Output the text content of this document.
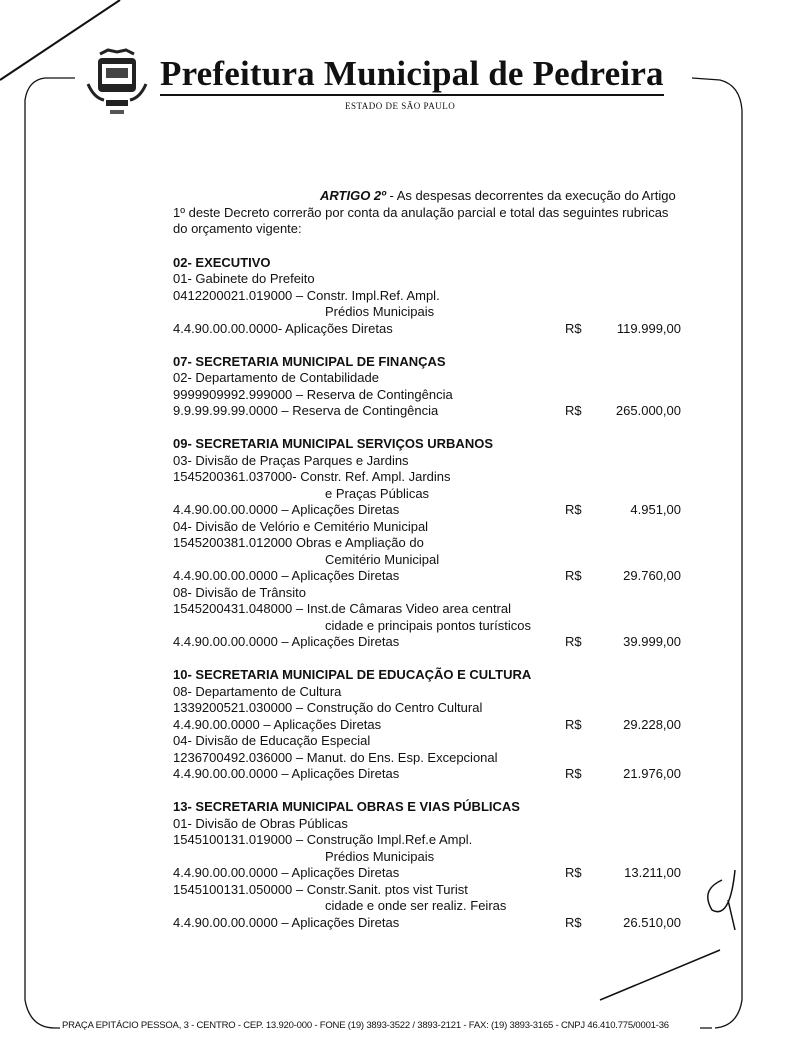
Prefeitura Municipal de Pedreira
ESTADO DE SÃO PAULO

ARTIGO 2º - As despesas decorrentes da execução do Artigo 1º deste Decreto correrão por conta da anulação parcial e total das seguintes rubricas do orçamento vigente:

02- EXECUTIVO
01- Gabinete do Prefeito
0412200021.019000 – Constr. Impl.Ref. Ampl.
Prédios Municipais
4.4.90.00.00.0000- Aplicações Diretas	R$	119.999,00
07- SECRETARIA MUNICIPAL DE FINANÇAS
02- Departamento de Contabilidade
9999909992.999000 – Reserva de Contingência
9.9.99.99.99.0000 – Reserva de Contingência	R$	265.000,00
09- SECRETARIA MUNICIPAL SERVIÇOS URBANOS
03- Divisão de Praças Parques e Jardins
1545200361.037000- Constr. Ref. Ampl. Jardins
e Praças Públicas
4.4.90.00.00.0000 – Aplicações Diretas	R$	4.951,00
04- Divisão de Velório e Cemitério Municipal
1545200381.012000 Obras e Ampliação do
Cemitério Municipal
4.4.90.00.00.0000 – Aplicações Diretas	R$	29.760,00
08- Divisão de Trânsito
1545200431.048000 – Inst.de Câmaras Video area central
cidade e principais pontos turísticos
4.4.90.00.00.0000 – Aplicações Diretas	R$	39.999,00
10- SECRETARIA MUNICIPAL DE EDUCAÇÃO E CULTURA
08- Departamento de Cultura
1339200521.030000 – Construção do Centro Cultural
4.4.90.00.0000 – Aplicações Diretas	R$	29.228,00
04- Divisão de Educação Especial
1236700492.036000 – Manut. do Ens. Esp. Excepcional
4.4.90.00.00.0000 – Aplicações Diretas	R$	21.976,00
13- SECRETARIA MUNICIPAL OBRAS E VIAS PÚBLICAS
01- Divisão de Obras Públicas
1545100131.019000 – Construção Impl.Ref.e Ampl.
Prédios Municipais
4.4.90.00.00.0000 – Aplicações Diretas	R$	13.211,00
1545100131.050000 – Constr.Sanit. ptos vist Turist
cidade e onde ser realiz. Feiras
4.4.90.00.00.0000 – Aplicações Diretas	R$	26.510,00
PRAÇA EPITÁCIO PESSOA, 3 - CENTRO - CEP. 13.920-000 - FONE (19) 3893-3522 / 3893-2121 - FAX: (19) 3893-3165 - CNPJ 46.410.775/0001-36
